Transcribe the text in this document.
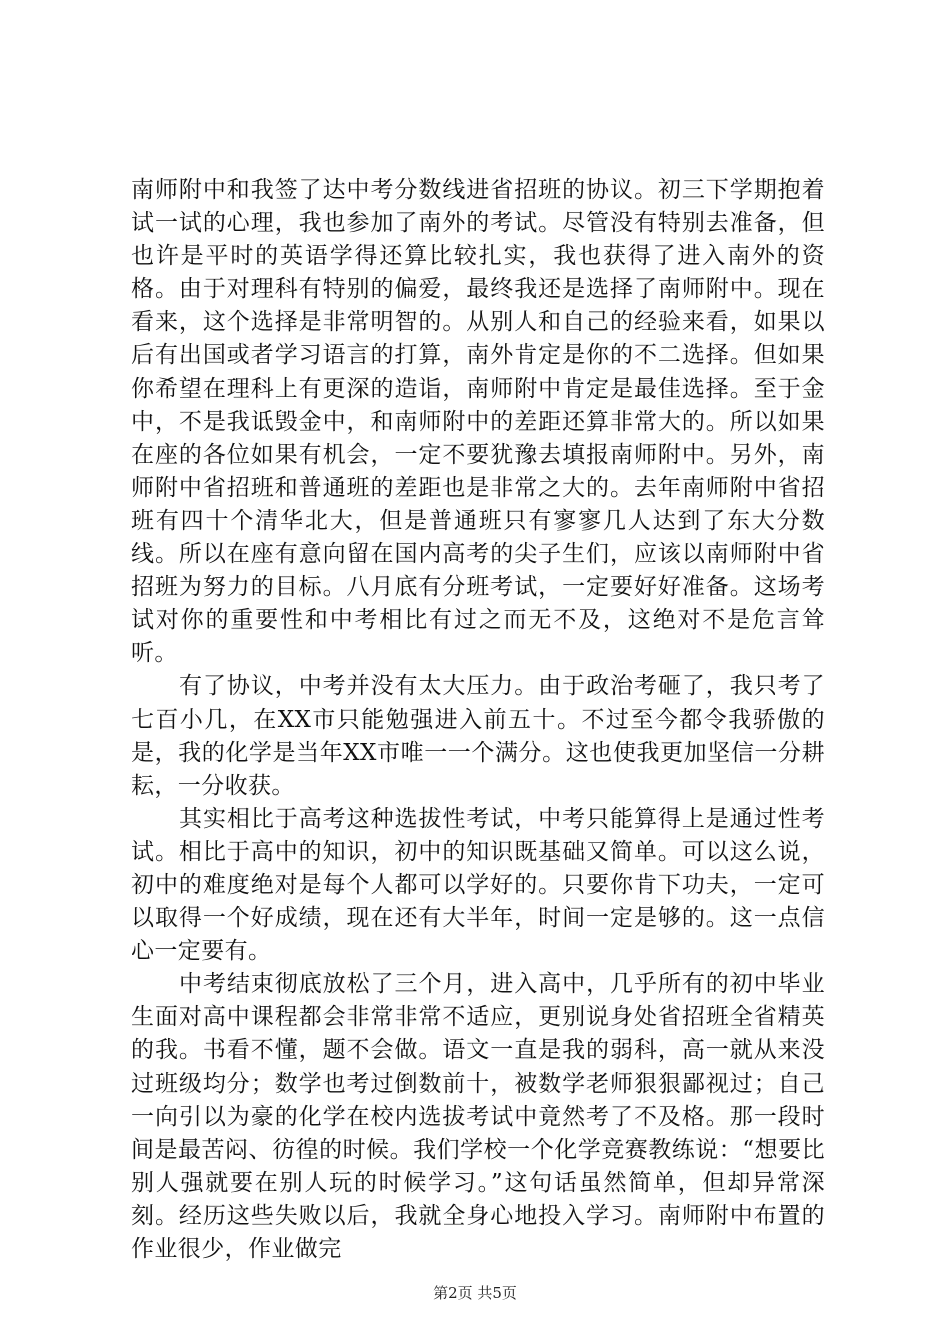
南师附中和我签了达中考分数线进省招班的协议。初三下学期抱着试一试的心理，我也参加了南外的考试。尽管没有特别去准备，但也许是平时的英语学得还算比较扎实，我也获得了进入南外的资格。由于对理科有特别的偏爱，最终我还是选择了南师附中。现在看来，这个选择是非常明智的。从别人和自己的经验来看，如果以后有出国或者学习语言的打算，南外肯定是你的不二选择。但如果你希望在理科上有更深的造诣，南师附中肯定是最佳选择。至于金中，不是我诋毁金中，和南师附中的差距还算非常大的。所以如果在座的各位如果有机会，一定不要犹豫去填报南师附中。另外，南师附中省招班和普通班的差距也是非常之大的。去年南师附中省招班有四十个清华北大，但是普通班只有寥寥几人达到了东大分数线。所以在座有意向留在国内高考的尖子生们，应该以南师附中省招班为努力的目标。八月底有分班考试，一定要好好准备。这场考试对你的重要性和中考相比有过之而无不及，这绝对不是危言耸听。

有了协议，中考并没有太大压力。由于政治考砸了，我只考了七百小几，在XX市只能勉强进入前五十。不过至今都令我骄傲的是，我的化学是当年XX市唯一一个满分。这也使我更加坚信一分耕耘，一分收获。

其实相比于高考这种选拔性考试，中考只能算得上是通过性考试。相比于高中的知识，初中的知识既基础又简单。可以这么说，初中的难度绝对是每个人都可以学好的。只要你肯下功夫，一定可以取得一个好成绩，现在还有大半年，时间一定是够的。这一点信心一定要有。

中考结束彻底放松了三个月，进入高中，几乎所有的初中毕业生面对高中课程都会非常非常不适应，更别说身处省招班全省精英的我。书看不懂，题不会做。语文一直是我的弱科，高一就从来没过班级均分；数学也考过倒数前十，被数学老师狠狠鄙视过；自己一向引以为豪的化学在校内选拔考试中竟然考了不及格。那一段时间是最苦闷、彷徨的时候。我们学校一个化学竞赛教练说：“想要比别人强就要在别人玩的时候学习。”这句话虽然简单，但却异常深刻。经历这些失败以后，我就全身心地投入学习。南师附中布置的作业很少，作业做完

第2页 共5页
